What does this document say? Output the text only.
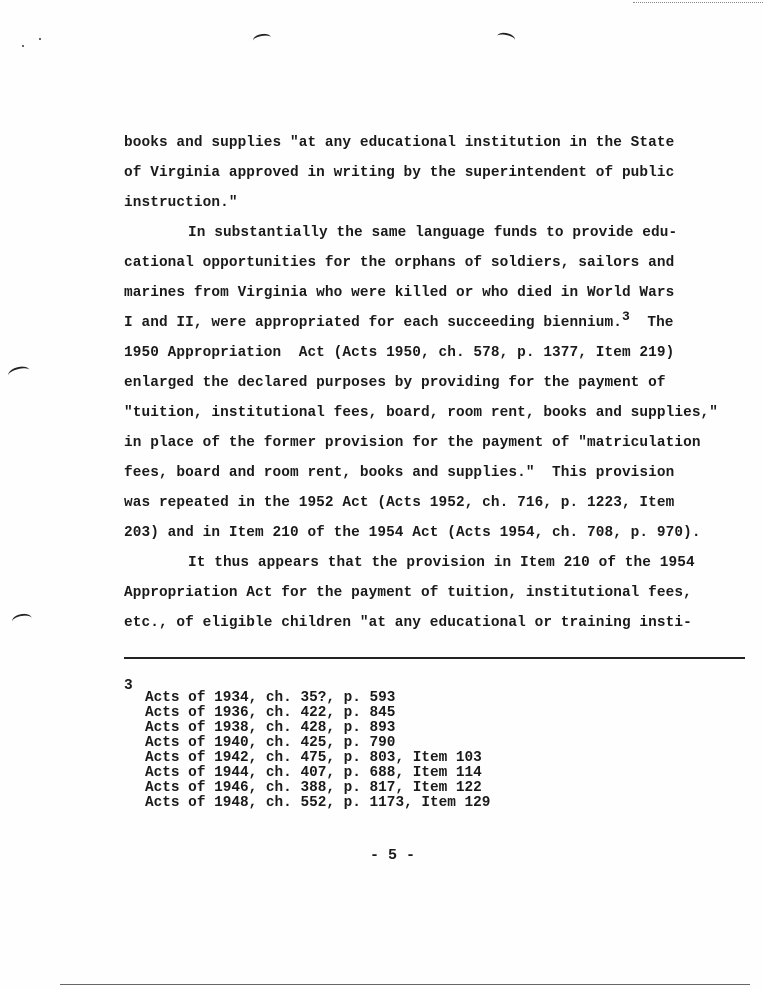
books and supplies "at any educational institution in the State
of Virginia approved in writing by the superintendent of public
instruction."
In substantially the same language funds to provide edu-
cational opportunities for the orphans of soldiers, sailors and
marines from Virginia who were killed or who died in World Wars
I and II, were appropriated for each succeeding biennium.$^3$  The
1950 Appropriation  Act (Acts 1950, ch. 578, p. 1377, Item 219)
enlarged the declared purposes by providing for the payment of
"tuition, institutional fees, board, room rent, books and supplies,"
in place of the former provision for the payment of "matriculation
fees, board and room rent, books and supplies."  This provision
was repeated in the 1952 Act (Acts 1952, ch. 716, p. 1223, Item
203) and in Item 210 of the 1954 Act (Acts 1954, ch. 708, p. 970).
It thus appears that the provision in Item 210 of the 1954
Appropriation Act for the payment of tuition, institutional fees,
etc., of eligible children "at any educational or training insti-
3
Acts of 1934, ch. 35?, p. 593
Acts of 1936, ch. 422, p. 845
Acts of 1938, ch. 428, p. 893
Acts of 1940, ch. 425, p. 790
Acts of 1942, ch. 475, p. 803, Item 103
Acts of 1944, ch. 407, p. 688, Item 114
Acts of 1946, ch. 388, p. 817, Item 122
Acts of 1948, ch. 552, p. 1173, Item 129
- 5 -
